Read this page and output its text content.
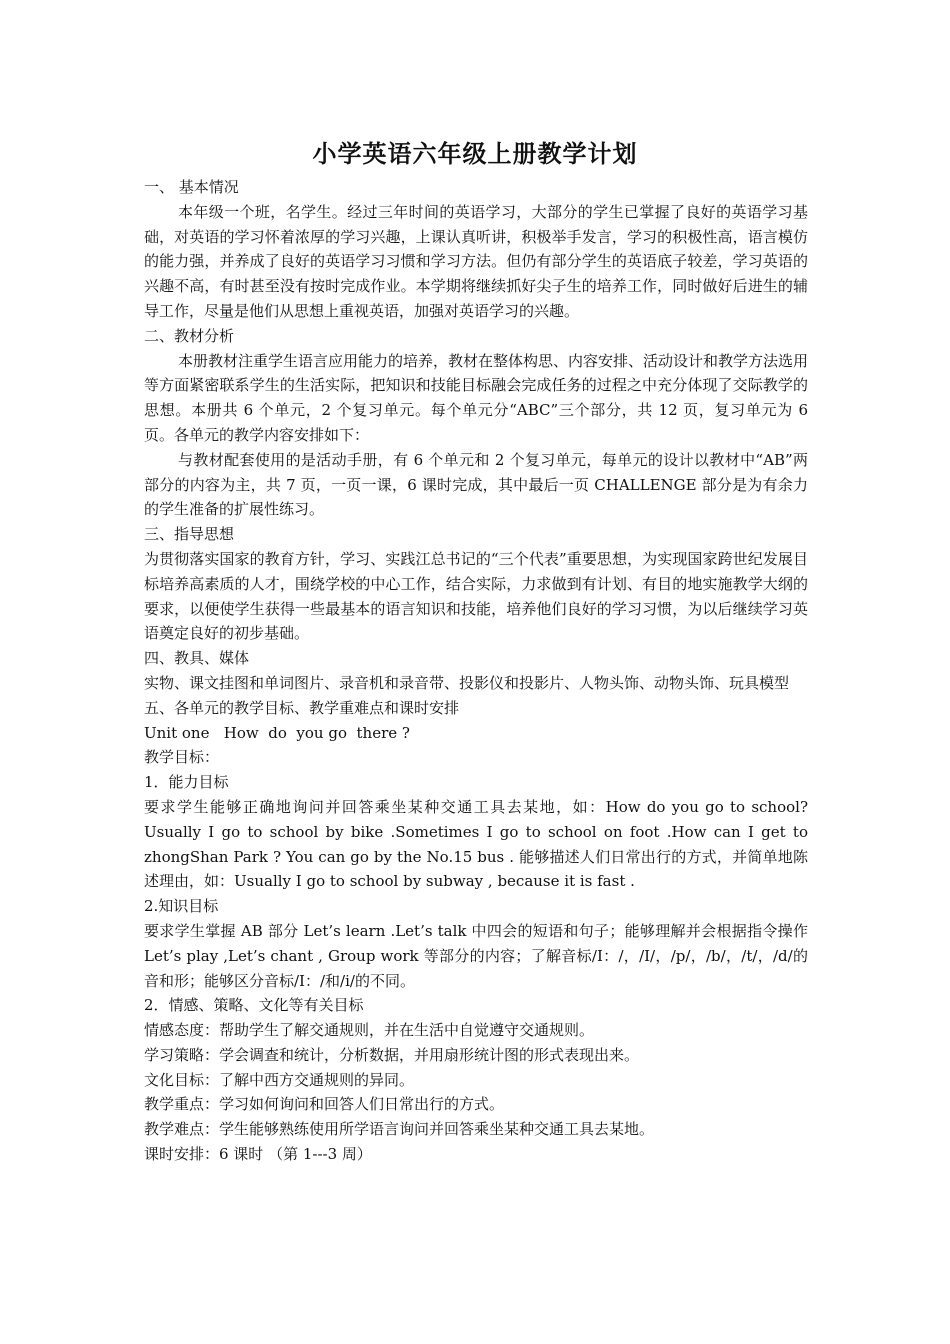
小学英语六年级上册教学计划
一、 基本情况
本年级一个班，名学生。经过三年时间的英语学习，大部分的学生已掌握了良好的英语学习基础，对英语的学习怀着浓厚的学习兴趣，上课认真听讲，积极举手发言，学习的积极性高，语言模仿的能力强，并养成了良好的英语学习习惯和学习方法。但仍有部分学生的英语底子较差，学习英语的兴趣不高，有时甚至没有按时完成作业。本学期将继续抓好尖子生的培养工作，同时做好后进生的辅导工作，尽量是他们从思想上重视英语，加强对英语学习的兴趣。
二、教材分析
本册教材注重学生语言应用能力的培养，教材在整体构思、内容安排、活动设计和教学方法选用等方面紧密联系学生的生活实际，把知识和技能目标融会完成任务的过程之中充分体现了交际教学的思想。本册共 6 个单元，2 个复习单元。每个单元分“ABC”三个部分，共 12 页，复习单元为 6 页。各单元的教学内容安排如下：
与教材配套使用的是活动手册，有 6 个单元和 2 个复习单元，每单元的设计以教材中“AB”两部分的内容为主，共 7 页，一页一课，6 课时完成，其中最后一页 CHALLENGE 部分是为有余力的学生准备的扩展性练习。
三、指导思想
为贯彻落实国家的教育方针，学习、实践江总书记的“三个代表”重要思想，为实现国家跨世纪发展目标培养高素质的人才，围绕学校的中心工作，结合实际，力求做到有计划、有目的地实施教学大纲的要求，以便使学生获得一些最基本的语言知识和技能，培养他们良好的学习习惯，为以后继续学习英语奠定良好的初步基础。
四、教具、媒体
实物、课文挂图和单词图片、录音机和录音带、投影仪和投影片、人物头饰、动物头饰、玩具模型
五、各单元的教学目标、教学重难点和课时安排
Unit one   How  do  you go  there ?
教学目标：
1．能力目标
要求学生能够正确地询问并回答乘坐某种交通工具去某地，如：How do you go to school? Usually I go to school by bike .Sometimes I go to school on foot .How can I get to zhongShan Park ? You can go by the No.15 bus . 能够描述人们日常出行的方式，并简单地陈述理由，如：Usually I go to school by subway , because it is fast .
2.知识目标
要求学生掌握 AB 部分 Let’s learn .Let’s talk 中四会的短语和句子；能够理解并会根据指令操作 Let’s play ,Let’s chant , Group work 等部分的内容；了解音标/I：/，/I/，/p/，/b/，/t/，/d/的音和形；能够区分音标/I：/和/i/的不同。
2．情感、策略、文化等有关目标
情感态度：帮助学生了解交通规则，并在生活中自觉遵守交通规则。
学习策略：学会调查和统计，分析数据，并用扇形统计图的形式表现出来。
文化目标：了解中西方交通规则的异同。
教学重点：学习如何询问和回答人们日常出行的方式。
教学难点：学生能够熟练使用所学语言询问并回答乘坐某种交通工具去某地。
课时安排：6 课时 （第 1---3 周）
